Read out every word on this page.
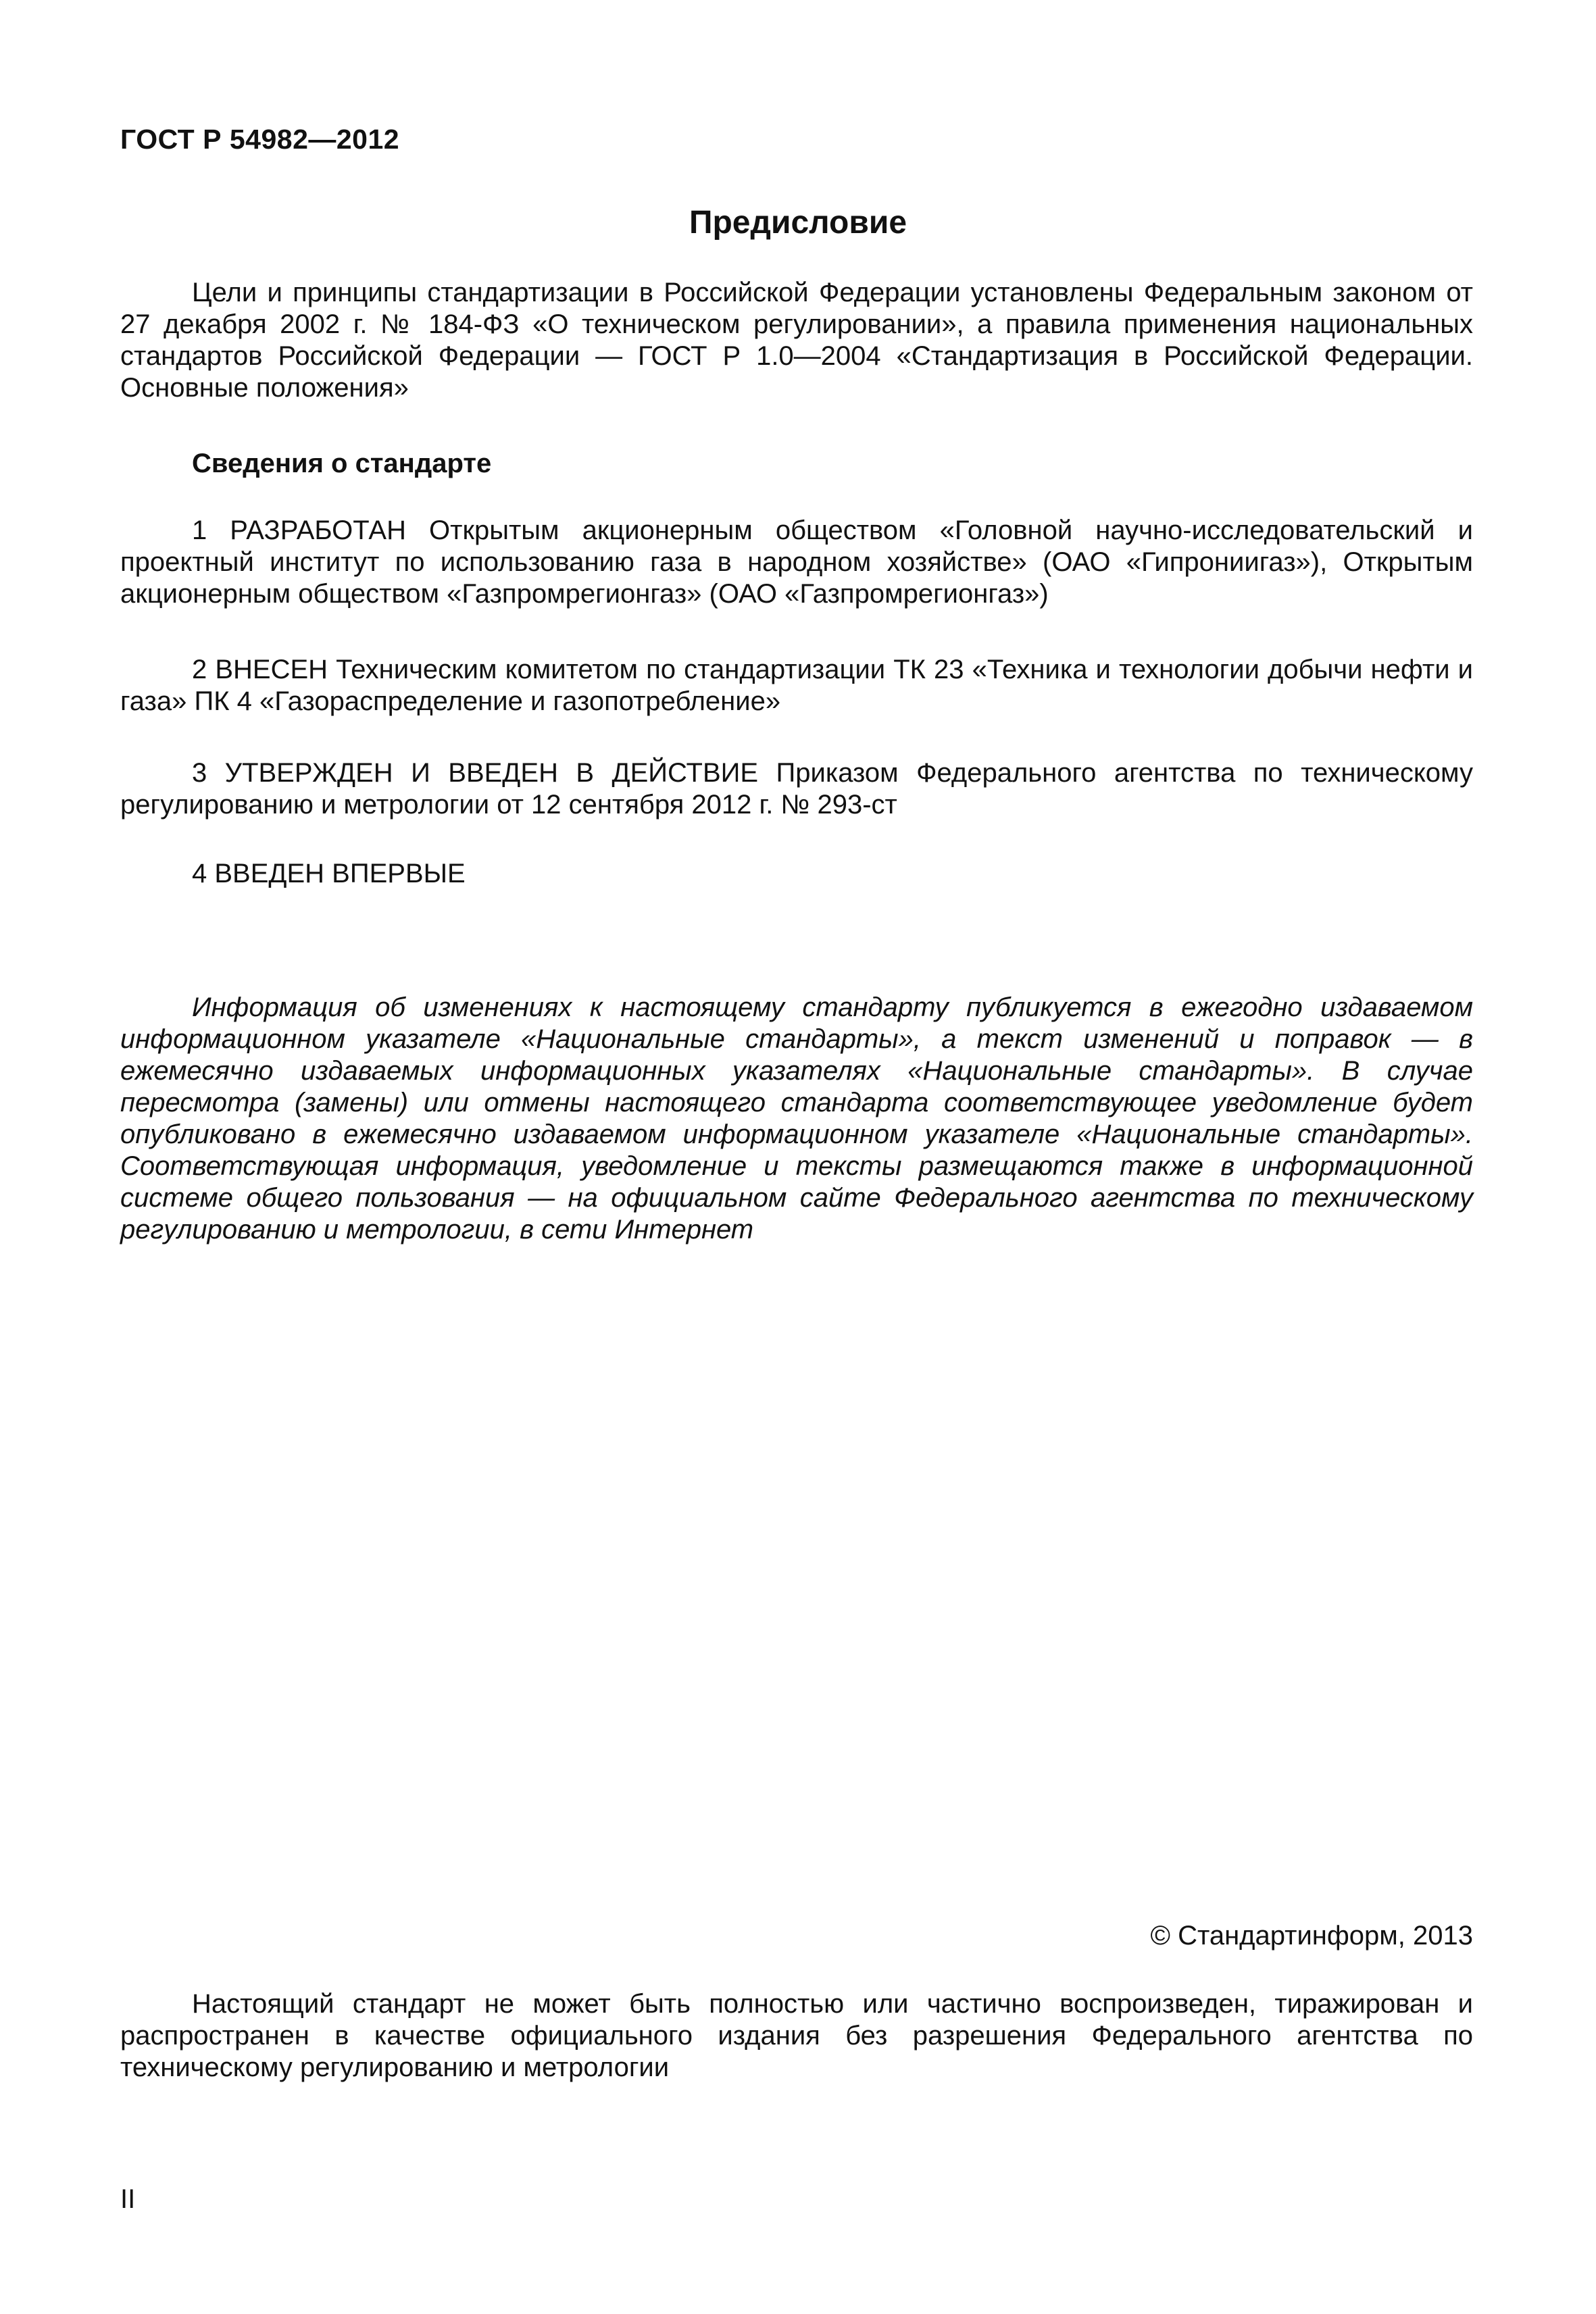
ГОСТ Р 54982—2012
Предисловие

Цели и принципы стандартизации в Российской Федерации установлены Федеральным законом от 27 декабря 2002 г. № 184-ФЗ «О техническом регулировании», а правила применения национальных стандартов Российской Федерации — ГОСТ Р 1.0—2004 «Стандартизация в Российской Федерации. Основные положения»

Сведения о стандарте

1 РАЗРАБОТАН Открытым акционерным обществом «Головной научно-исследовательский и проектный институт по использованию газа в народном хозяйстве» (ОАО «Гипрониигаз»), Открытым акционерным обществом «Газпромрегионгаз» (ОАО «Газпромрегионгаз»)

2 ВНЕСЕН Техническим комитетом по стандартизации ТК 23 «Техника и технологии добычи нефти и газа» ПК 4 «Газораспределение и газопотребление»

3 УТВЕРЖДЕН И ВВЕДЕН В ДЕЙСТВИЕ Приказом Федерального агентства по техническому регулированию и метрологии от 12 сентября 2012 г. № 293-ст

4 ВВЕДЕН ВПЕРВЫЕ

Информация об изменениях к настоящему стандарту публикуется в ежегодно издаваемом информационном указателе «Национальные стандарты», а текст изменений и поправок — в ежемесячно издаваемых информационных указателях «Национальные стандарты». В случае пересмотра (замены) или отмены настоящего стандарта соответствующее уведомление будет опубликовано в ежемесячно издаваемом информационном указателе «Национальные стандарты». Соответствующая информация, уведомление и тексты размещаются также в информационной системе общего пользования — на официальном сайте Федерального агентства по техническому регулированию и метрологии, в сети Интернет

© Стандартинформ, 2013

Настоящий стандарт не может быть полностью или частично воспроизведен, тиражирован и распространен в качестве официального издания без разрешения Федерального агентства по техническому регулированию и метрологии

II
